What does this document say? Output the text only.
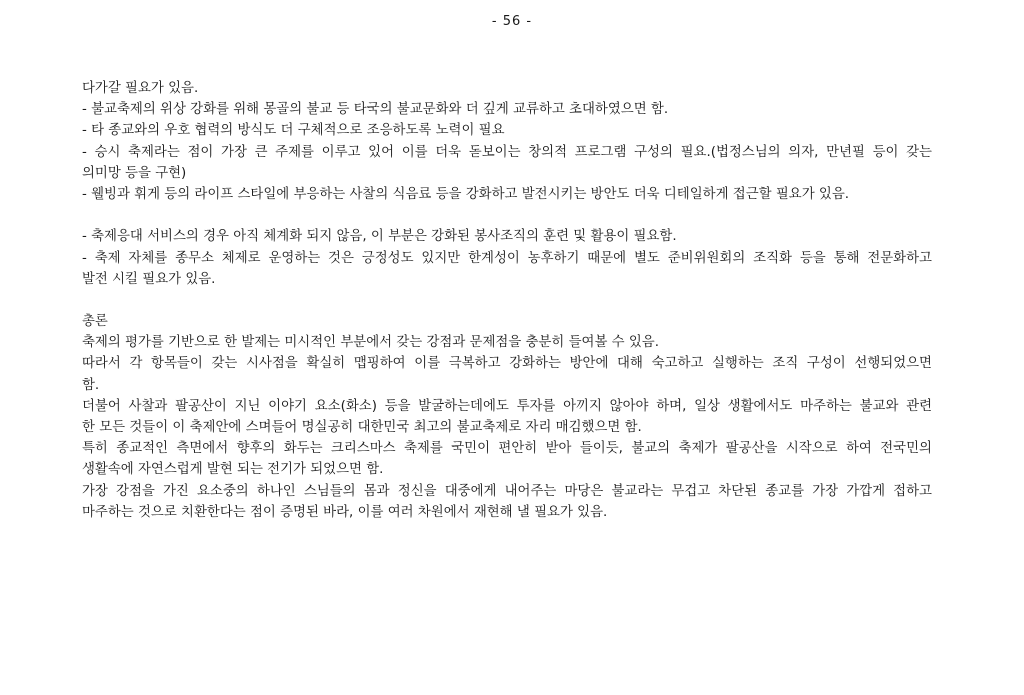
- 56 -
다가갈 필요가 있음.
- 불교축제의 위상 강화를 위해 몽골의 불교 등 타국의 불교문화와 더 깊게 교류하고 초대하였으면 함.
- 타 종교와의 우호 협력의 방식도 더 구체적으로 조응하도록 노력이 필요
- 승시 축제라는 점이 가장 큰 주제를 이루고 있어 이를 더욱 돋보이는 창의적 프로그램 구성의 필요.(법정스님의 의자, 만년필 등이 갖는
의미망 등을 구현)
- 웰빙과 휘게 등의 라이프 스타일에 부응하는 사찰의 식음료 등을 강화하고 발전시키는 방안도 더욱 디테일하게 접근할 필요가 있음.
- 축제응대 서비스의 경우 아직 체계화 되지 않음, 이 부분은 강화된 봉사조직의 훈련 및 활용이 필요함.
- 축제 자체를 종무소 체제로 운영하는 것은 긍정성도 있지만 한계성이 농후하기 때문에 별도 준비위원회의 조직화 등을 통해 전문화하고
발전 시킬 필요가 있음.
총론
축제의 평가를 기반으로 한 발제는 미시적인 부분에서 갖는 강점과 문제점을 충분히 들여볼 수 있음.
따라서 각 항목들이 갖는 시사점을 확실히 맵핑하여 이를 극복하고 강화하는 방안에 대해 숙고하고 실행하는 조직 구성이 선행되었으면
함.
더불어 사찰과 팔공산이 지닌 이야기 요소(화소) 등을 발굴하는데에도 투자를 아끼지 않아야 하며, 일상 생활에서도 마주하는 불교와 관련
한 모든 것들이 이 축제안에 스며들어 명실공히 대한민국 최고의 불교축제로 자리 매김했으면 함.
특히 종교적인 측면에서 향후의 화두는 크리스마스 축제를 국민이 편안히 받아 들이듯, 불교의 축제가 팔공산을 시작으로 하여 전국민의
생활속에 자연스럽게 발현 되는 전기가 되었으면 함.
가장 강점을 가진 요소중의 하나인 스님들의 몸과 정신을 대중에게 내어주는 마당은 불교라는 무겁고 차단된 종교를 가장 가깝게 접하고
마주하는 것으로 치환한다는 점이 증명된 바라, 이를 여러 차원에서 재현해 낼 필요가 있음.
